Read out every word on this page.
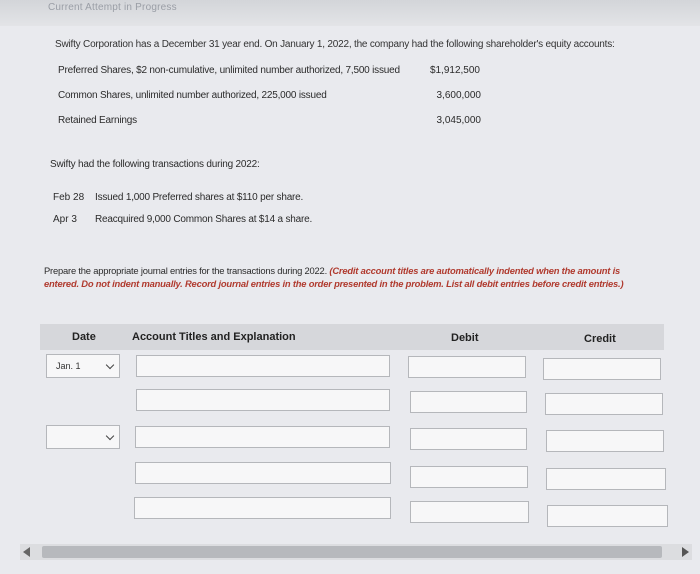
Current Attempt in Progress
Swifty Corporation has a December 31 year end. On January 1, 2022, the company had the following shareholder's equity accounts:
Preferred Shares, $2 non-cumulative, unlimited number authorized, 7,500 issued	$1,912,500
Common Shares, unlimited number authorized, 225,000 issued	3,600,000
Retained Earnings	3,045,000
Swifty had the following transactions during 2022:
Feb 28	Issued 1,000 Preferred shares at $110 per share.
Apr 3	Reacquired 9,000 Common Shares at $14 a share.
Prepare the appropriate journal entries for the transactions during 2022. (Credit account titles are automatically indented when the amount is entered. Do not indent manually. Record journal entries in the order presented in the problem. List all debit entries before credit entries.)
Date	Account Titles and Explanation	Debit	Credit
Jan. 1
